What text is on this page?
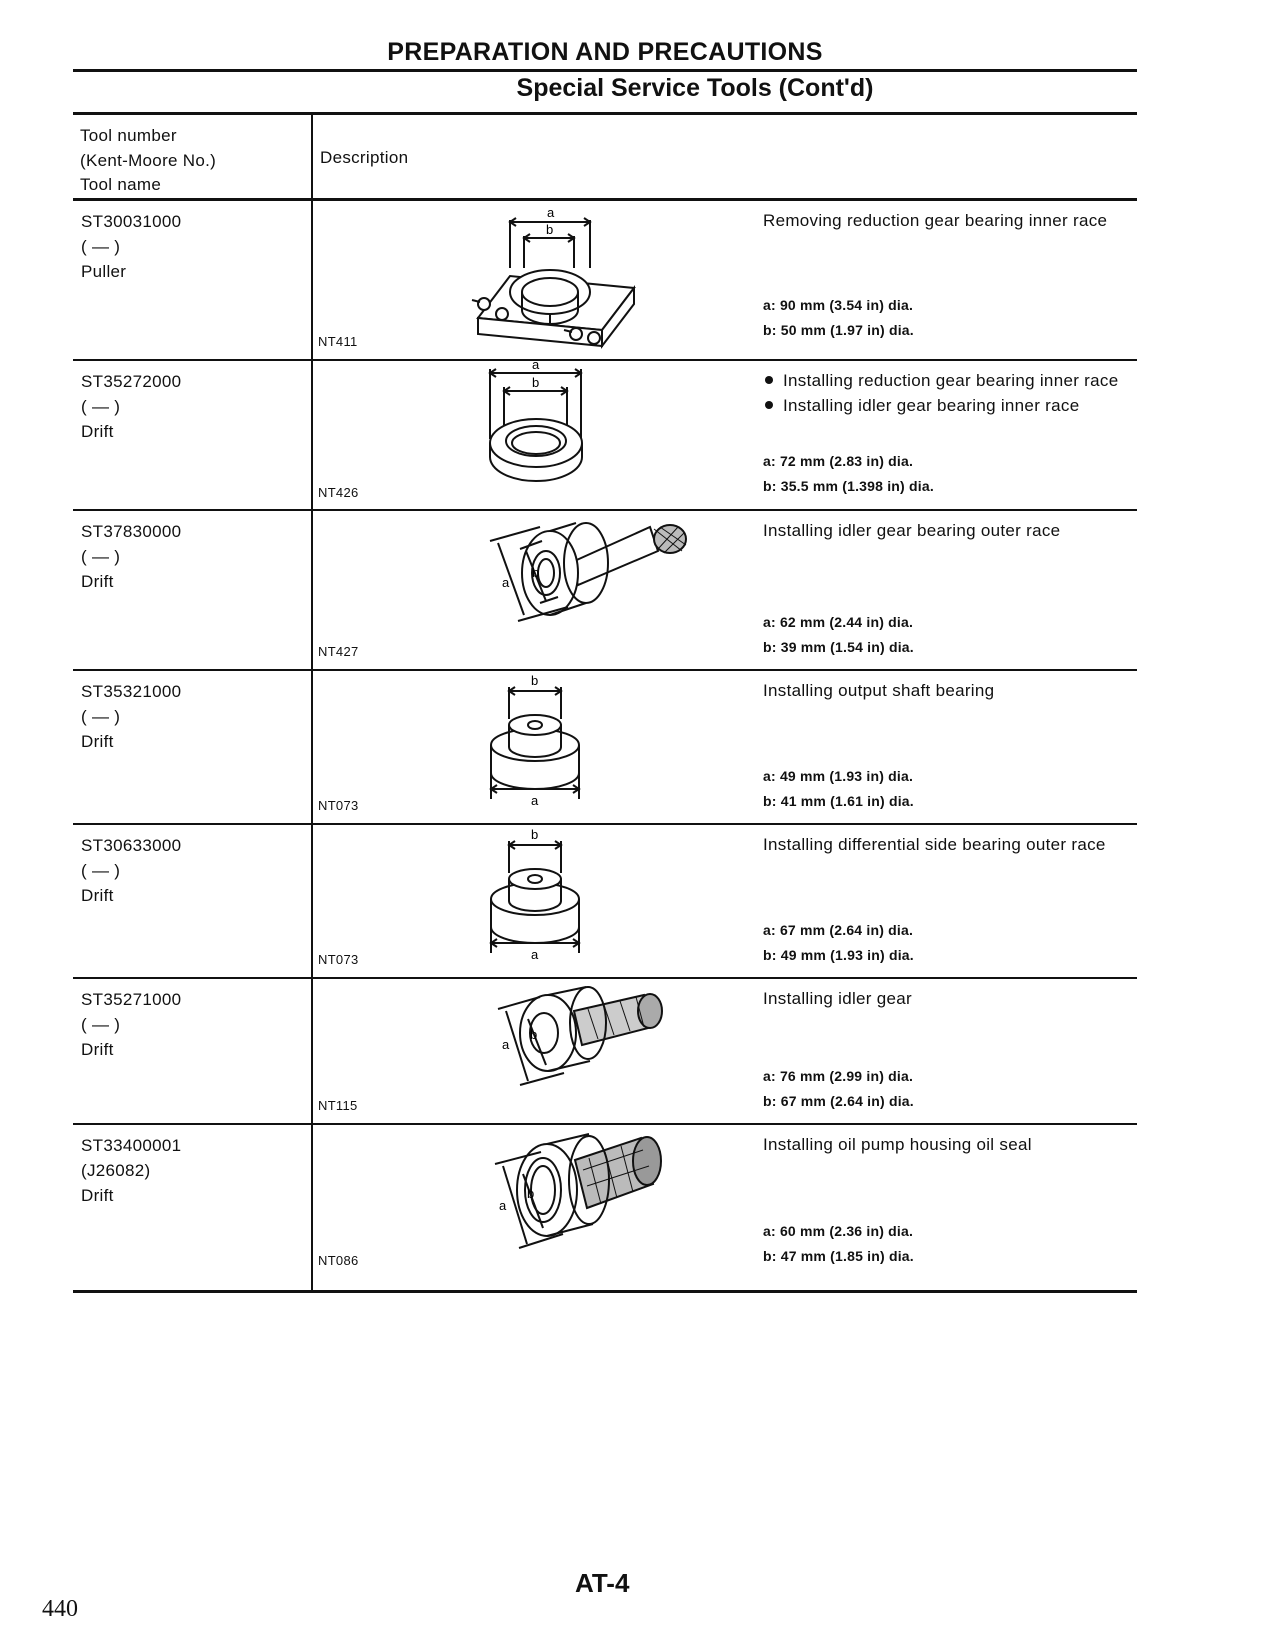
PREPARATION AND PRECAUTIONS
Special Service Tools (Cont'd)
Tool number
(Kent-Moore No.)
Tool name
Description
ST30031000
( — )
Puller
NT411
a
b	Removing reduction gear bearing inner race
a: 90 mm (3.54 in) dia.
b: 50 mm (1.97 in) dia.
ST35272000
( — )
Drift
NT426
a
b	Installing reduction gear bearing inner race
Installing idler gear bearing inner race
a: 72 mm (2.83 in) dia.
b: 35.5 mm (1.398 in) dia.
ST37830000
( — )
Drift
NT427
a
b
Installing idler gear bearing outer race
a: 62 mm (2.44 in) dia.
b: 39 mm (1.54 in) dia.
ST35321000
( — )
Drift
NT073
b
a
Installing output shaft bearing
a: 49 mm (1.93 in) dia.
b: 41 mm (1.61 in) dia.
ST30633000
( — )
Drift
NT073
b
a
Installing differential side bearing outer race
a: 67 mm (2.64 in) dia.
b: 49 mm (1.93 in) dia.
ST35271000
( — )
Drift
NT115
a
b
Installing idler gear
a: 76 mm (2.99 in) dia.
b: 67 mm (2.64 in) dia.
ST33400001
(J26082)
Drift
NT086
a
b
Installing oil pump housing oil seal
a: 60 mm (2.36 in) dia.
b: 47 mm (1.85 in) dia.
440
AT-4
